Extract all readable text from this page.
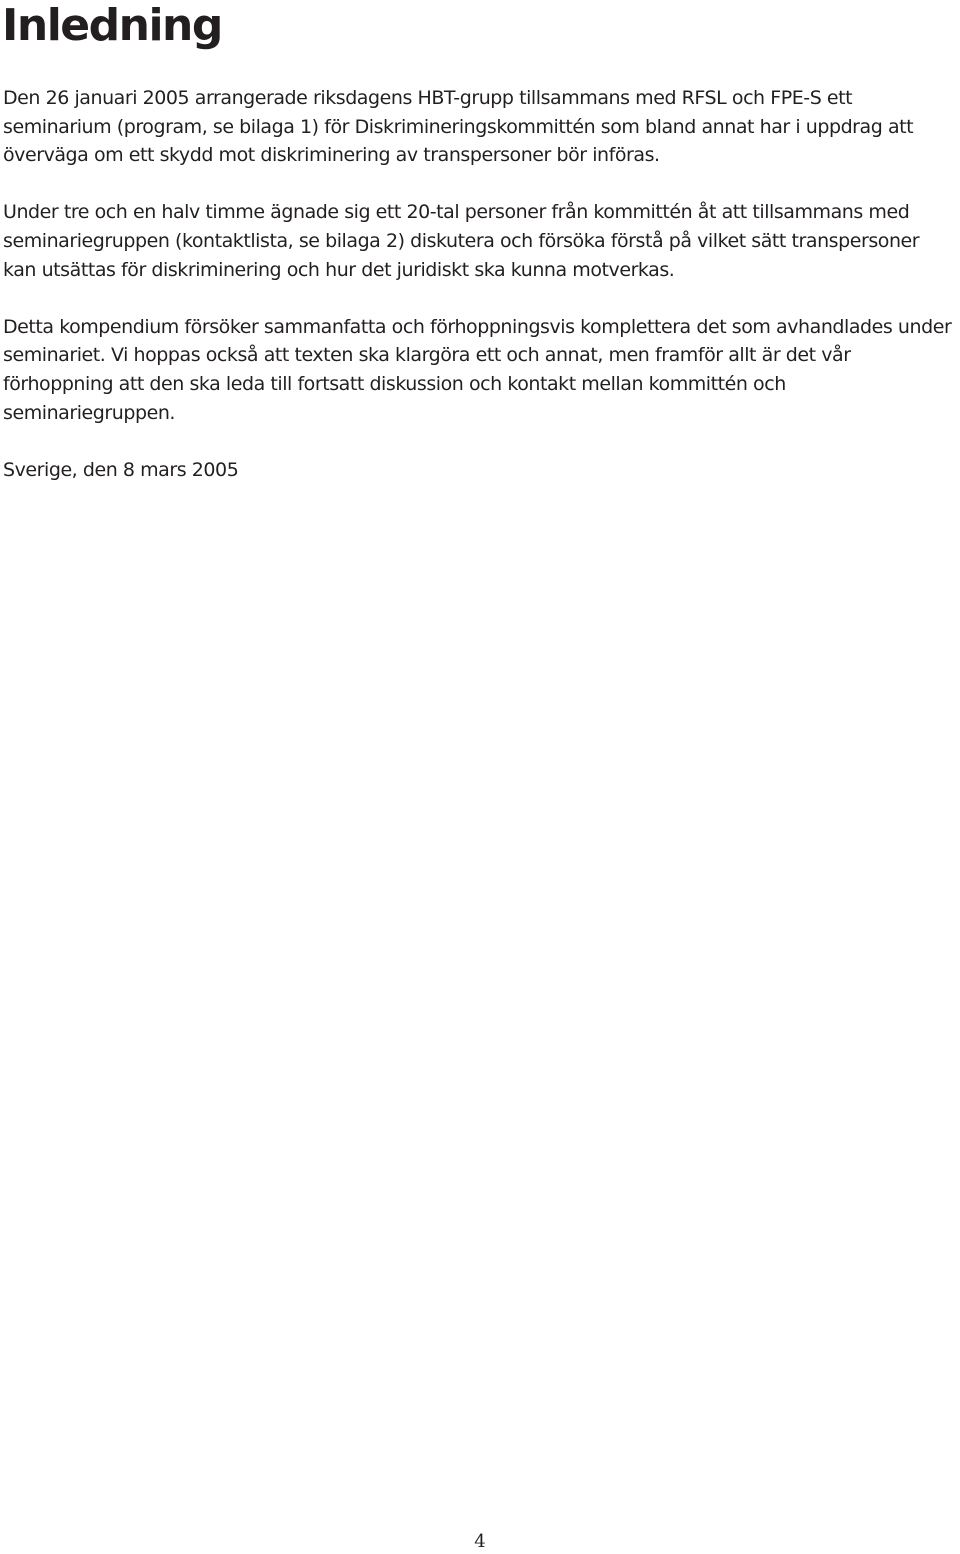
Inledning

Den 26 januari 2005 arrangerade riksdagens HBT-grupp tillsammans med RFSL och FPE-S ett seminarium (program, se bilaga 1) för Diskrimineringskommittén som bland annat har i uppdrag att överväga om ett skydd mot diskriminering av transpersoner bör införas.

Under tre och en halv timme ägnade sig ett 20-tal personer från kommittén åt att tillsammans med seminariegruppen (kontaktlista, se bilaga 2) diskutera och försöka förstå på vilket sätt transpersoner kan utsättas för diskriminering och hur det juridiskt ska kunna motverkas.

Detta kompendium försöker sammanfatta och förhoppningsvis komplettera det som avhandlades under seminariet. Vi hoppas också att texten ska klargöra ett och annat, men framför allt är det vår förhoppning att den ska leda till fortsatt diskussion och kontakt mellan kommittén och seminariegruppen.

Sverige, den 8 mars 2005

4
